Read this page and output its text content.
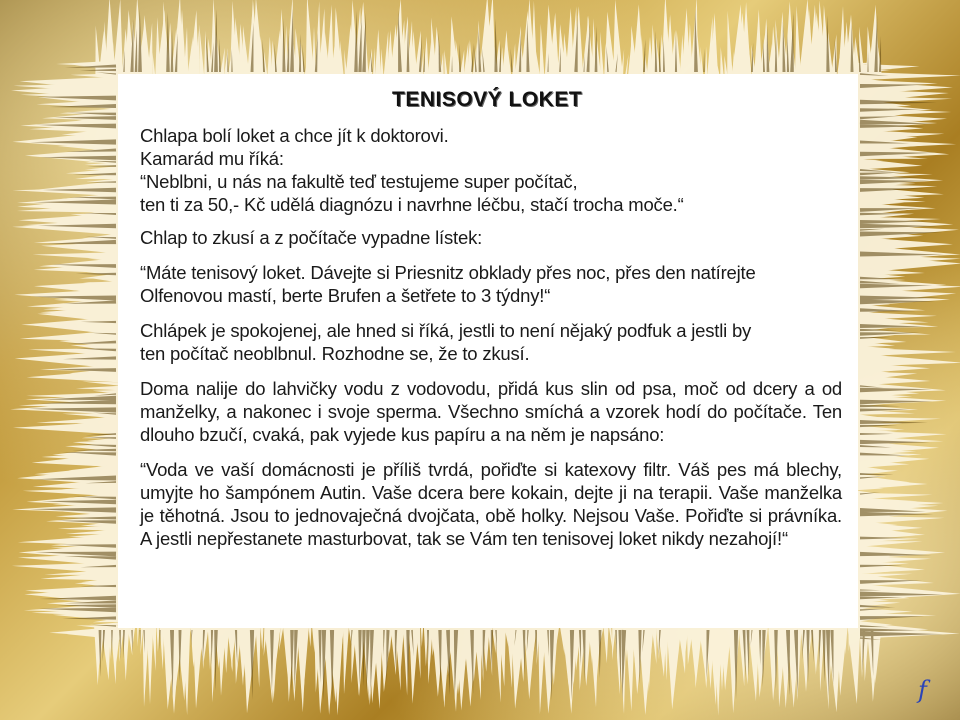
TENISOVÝ LOKET

Chlapa bolí loket a chce jít k doktorovi.
Kamarád mu říká:
“Neblbni, u nás na fakultě teď testujeme super počítač,
ten ti za 50,- Kč udělá diagnózu i navrhne léčbu, stačí trocha moče.“

Chlap to zkusí a z počítače vypadne lístek:

“Máte tenisový loket. Dávejte si Priesnitz obklady přes noc, přes den natírejte
Olfenovou mastí, berte Brufen a šetřete to 3 týdny!“

Chlápek je spokojenej, ale hned si říká, jestli to není nějaký podfuk a jestli by
ten počítač neoblbnul. Rozhodne se, že to zkusí.

Doma nalije do lahvičky vodu z vodovodu, přidá kus slin od psa, moč od dcery a od manželky, a nakonec i svoje sperma. Všechno smíchá a vzorek hodí do počítače. Ten dlouho bzučí, cvaká, pak vyjede kus papíru a na něm je napsáno:

“Voda ve vaší domácnosti je příliš tvrdá, pořiďte si katexovy filtr. Váš pes má blechy, umyjte ho šampónem Autin. Vaše dcera bere kokain, dejte ji na terapii. Vaše manželka je těhotná. Jsou to jednovaječná dvojčata, obě holky. Nejsou Vaše. Pořiďte si právníka. A jestli nepřestanete masturbovat, tak se Vám ten tenisovej loket nikdy nezahojí!“

f
